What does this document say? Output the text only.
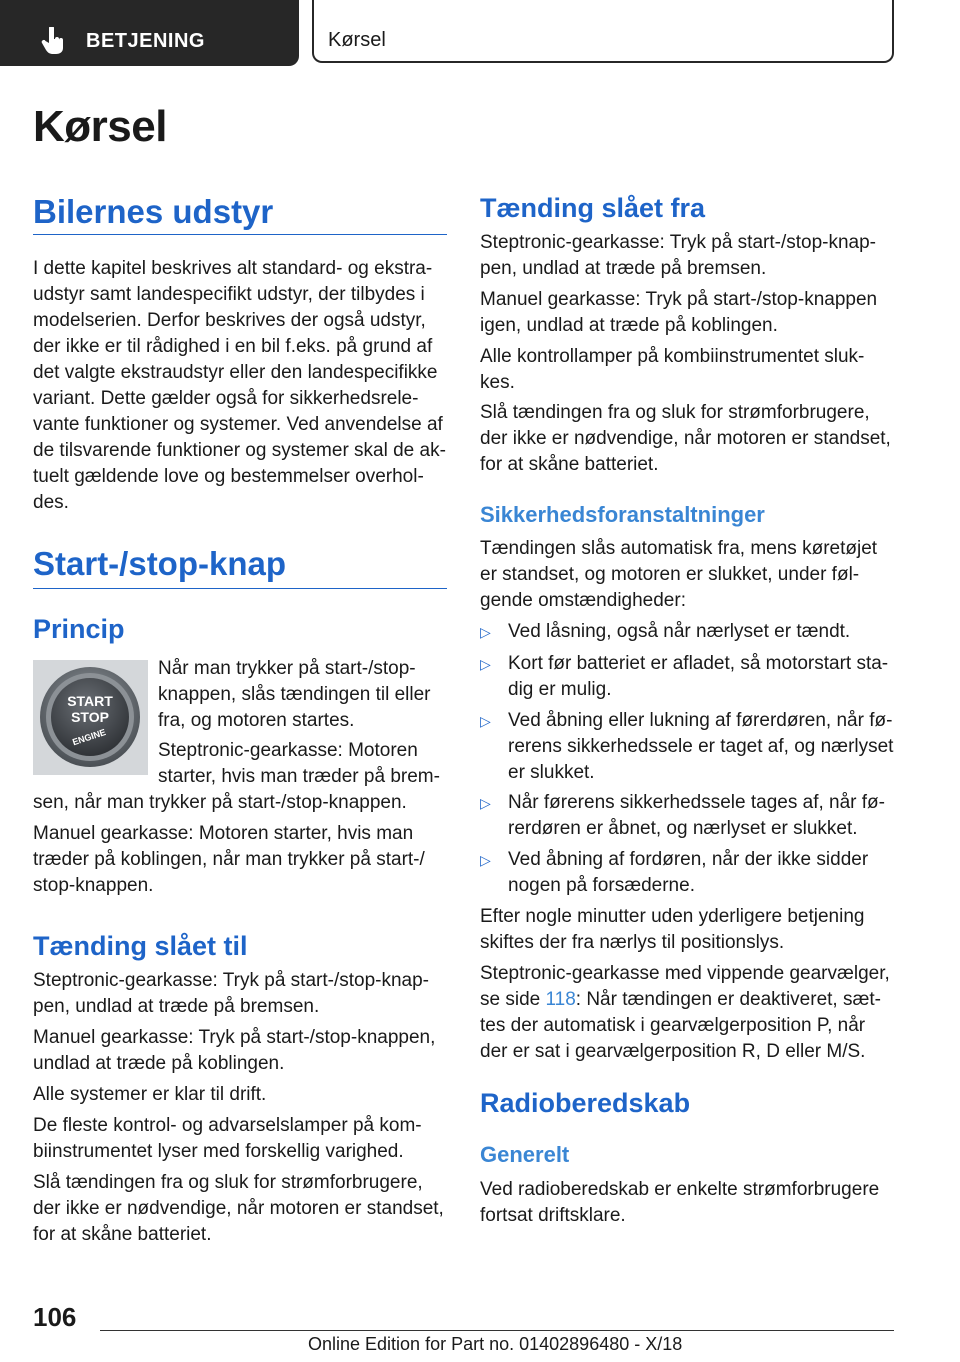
BETJENING	Kørsel
Kørsel
Bilernes udstyr
I dette kapitel beskrives alt standard- og ekstra-
udstyr samt landespecifikt udstyr, der tilbydes i
modelserien. Derfor beskrives der også udstyr,
der ikke er til rådighed i en bil f.eks. på grund af
det valgte ekstraudstyr eller den landespecifikke
variant. Dette gælder også for sikkerhedsrele-
vante funktioner og systemer. Ved anvendelse af
de tilsvarende funktioner og systemer skal de ak-
tuelt gældende love og bestemmelser overhol-
des.
Start-/stop-knap
Princip
START
STOP
ENGINE
Når man trykker på start-/stop-
knappen, slås tændingen til eller
fra, og motoren startes.
Steptronic-gearkasse: Motoren
starter, hvis man træder på brem-
sen, når man trykker på start-/stop-knappen.
Manuel gearkasse: Motoren starter, hvis man
træder på koblingen, når man trykker på start-/
stop-knappen.
Tænding slået til
Steptronic-gearkasse: Tryk på start-/stop-knap-
pen, undlad at træde på bremsen.
Manuel gearkasse: Tryk på start-/stop-knappen,
undlad at træde på koblingen.
Alle systemer er klar til drift.
De fleste kontrol- og advarselslamper på kom-
biinstrumentet lyser med forskellig varighed.
Slå tændingen fra og sluk for strømforbrugere,
der ikke er nødvendige, når motoren er standset,
for at skåne batteriet.
Tænding slået fra
Steptronic-gearkasse: Tryk på start-/stop-knap-
pen, undlad at træde på bremsen.
Manuel gearkasse: Tryk på start-/stop-knappen
igen, undlad at træde på koblingen.
Alle kontrollamper på kombiinstrumentet sluk-
kes.
Slå tændingen fra og sluk for strømforbrugere,
der ikke er nødvendige, når motoren er standset,
for at skåne batteriet.
Sikkerhedsforanstaltninger
Tændingen slås automatisk fra, mens køretøjet
er standset, og motoren er slukket, under føl-
gende omstændigheder:
▷ Ved låsning, også når nærlyset er tændt.
▷ Kort før batteriet er afladet, så motorstart sta-
dig er mulig.
▷ Ved åbning eller lukning af førerdøren, når fø-
rerens sikkerhedssele er taget af, og nærlyset
er slukket.
▷ Når førerens sikkerhedssele tages af, når fø-
rerdøren er åbnet, og nærlyset er slukket.
▷ Ved åbning af fordøren, når der ikke sidder
nogen på forsæderne.
Efter nogle minutter uden yderligere betjening
skiftes der fra nærlys til positionslys.
Steptronic-gearkasse med vippende gearvælger,
se side 118: Når tændingen er deaktiveret, sæt-
tes der automatisk i gearvælgerposition P, når
der er sat i gearvælgerposition R, D eller M/S.
Radioberedskab
Generelt
Ved radioberedskab er enkelte strømforbrugere
fortsat driftsklare.
106
Online Edition for Part no. 01402896480 - X/18
